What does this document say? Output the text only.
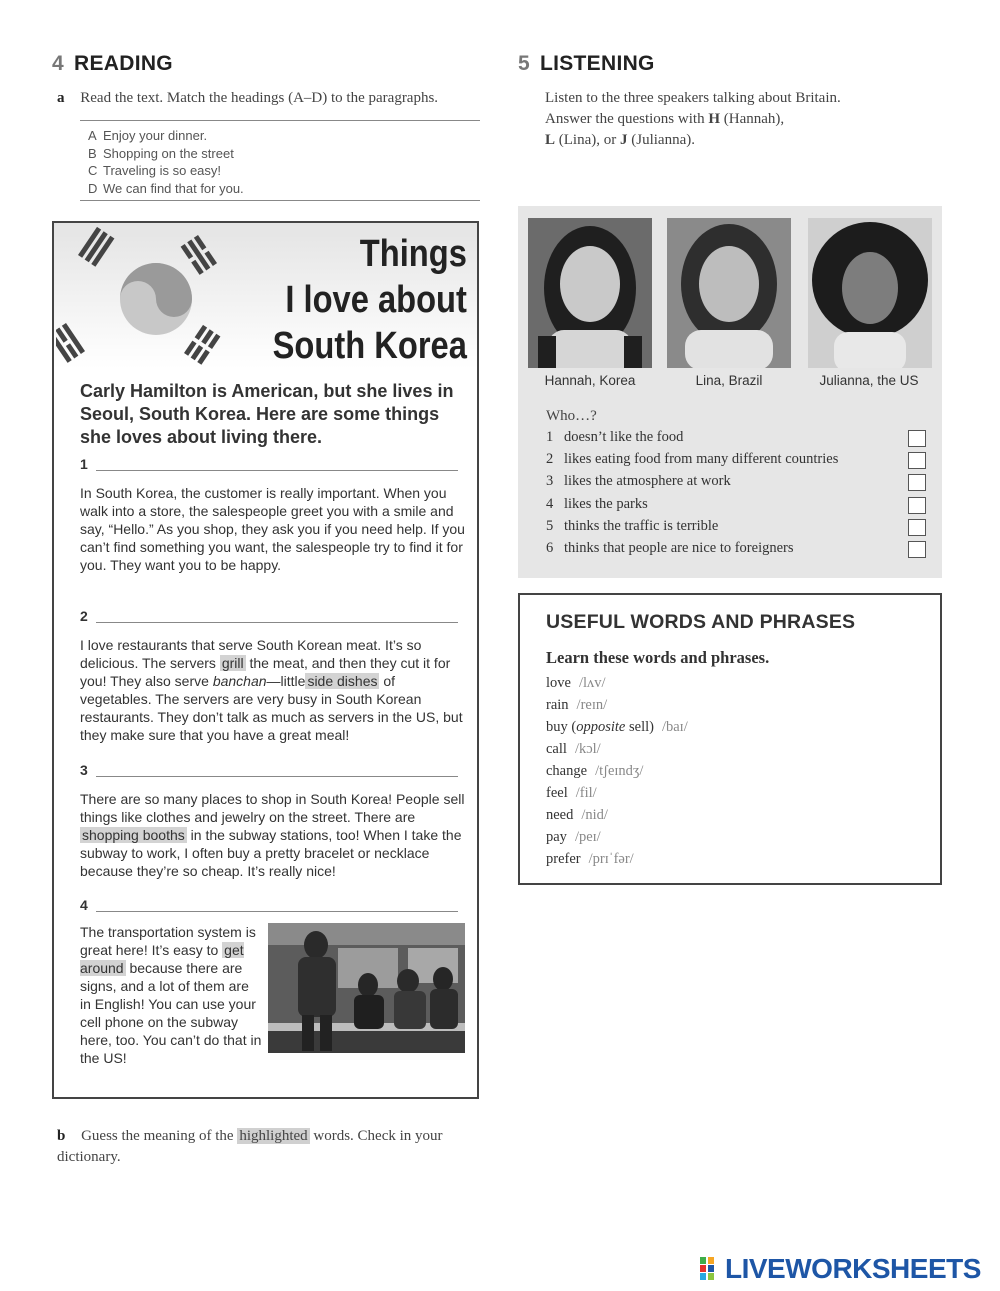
4 READING
a Read the text. Match the headings (A–D) to the paragraphs.
A Enjoy your dinner.
B Shopping on the street
C Traveling is so easy!
D We can find that for you.
Things
I love about
South Korea
Carly Hamilton is American, but she lives in Seoul, South Korea. Here are some things she loves about living there.
1
In South Korea, the customer is really important. When you walk into a store, the salespeople greet you with a smile and say, “Hello.” As you shop, they ask you if you need help. If you can’t find something you want, the salespeople try to find it for you. They want you to be happy.
2
I love restaurants that serve South Korean meat. It’s so delicious. The servers grill the meat, and then they cut it for you! They also serve banchan—little side dishes of vegetables. The servers are very busy in South Korean restaurants. They don’t talk as much as servers in the US, but they make sure that you have a great meal!
3
There are so many places to shop in South Korea! People sell things like clothes and jewelry on the street. There are shopping booths in the subway stations, too! When I take the subway to work, I often buy a pretty bracelet or necklace because they’re so cheap. It’s really nice!
4
The transportation system is great here! It’s easy to get around because there are signs, and a lot of them are in English! You can use your cell phone on the subway here, too. You can’t do that in the US!
b Guess the meaning of the highlighted words. Check in your dictionary.
5 LISTENING
Listen to the three speakers talking about Britain.
Answer the questions with H (Hannah),
L (Lina), or J (Julianna).
Hannah, Korea	Lina, Brazil	Julianna, the US
Who…?
1 doesn’t like the food
2 likes eating food from many different countries
3 likes the atmosphere at work
4 likes the parks
5 thinks the traffic is terrible
6 thinks that people are nice to foreigners
USEFUL WORDS AND PHRASES
Learn these words and phrases.
love /lʌv/
rain /reɪn/
buy (opposite sell) /baɪ/
call /kɔl/
change /tʃeɪndʒ/
feel /fil/
need /nid/
pay /peɪ/
prefer /prɪˈfər/
LIVEWORKSHEETS
